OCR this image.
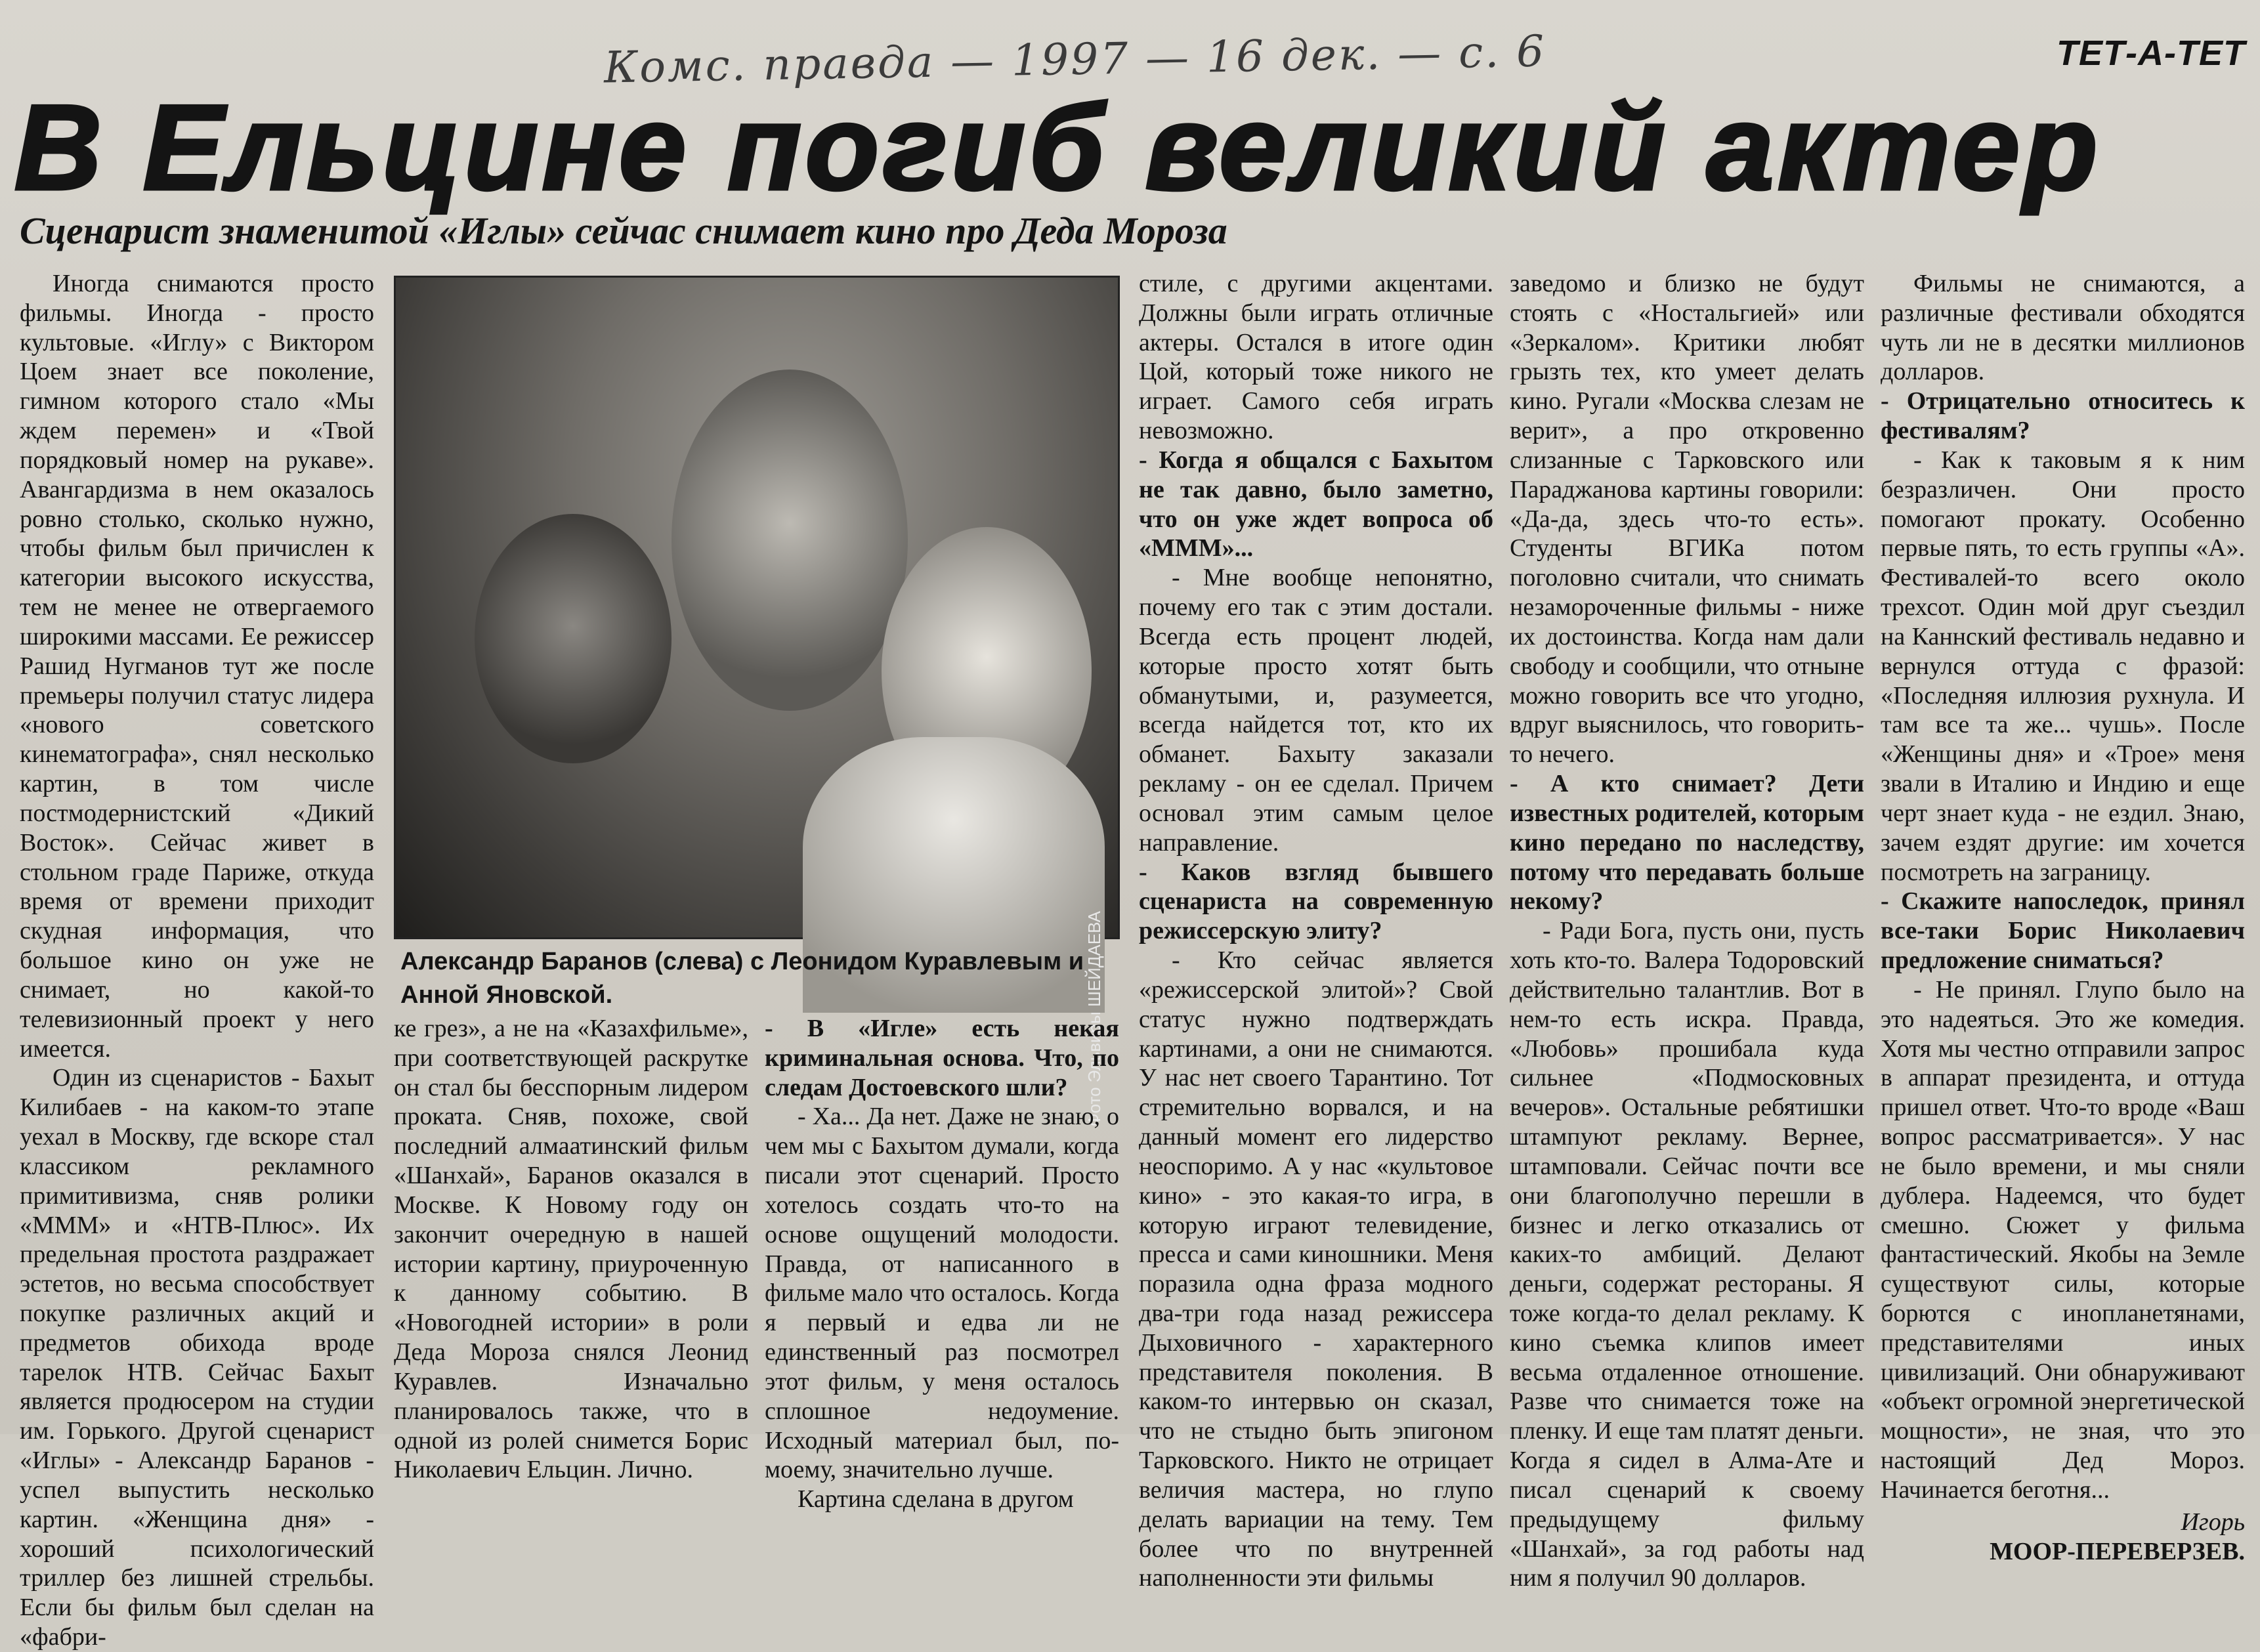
Комс. правда — 1997 — 16 дек. — с. 6	ТЕТ-А-ТЕТ
В Ельцине погиб великий актер
Сценарист знаменитой «Иглы» сейчас снимает кино про Деда Мороза

Иногда снимаются просто фильмы. Иногда - просто культовые. «Иглу» с Виктором Цоем знает все поколение, гимном которого стало «Мы ждем перемен» и «Твой порядковый номер на рукаве». Авангардизма в нем оказалось ровно столько, сколько нужно, чтобы фильм был причислен к категории высокого искусства, тем не менее не отвергаемого широкими массами. Ее режиссер Рашид Нугманов тут же после премьеры получил статус лидера «нового советского кинематографа», снял несколько картин, в том числе постмодернистский «Дикий Восток». Сейчас живет в стольном граде Париже, откуда время от времени приходит скудная информация, что большое кино он уже не снимает, но какой-то телевизионный проект у него имеется.

Один из сценаристов - Бахыт Килибаев - на каком-то этапе уехал в Москву, где вскоре стал классиком рекламного примитивизма, сняв ролики «МММ» и «НТВ-Плюс». Их предельная простота раздражает эстетов, но весьма способствует покупке различных акций и предметов обихода вроде тарелок НТВ. Сейчас Бахыт является продюсером на студии им. Горького. Другой сценарист «Иглы» - Александр Баранов - успел выпустить несколько картин. «Женщина дня» - хороший психологический триллер без лишней стрельбы. Если бы фильм был сделан на «фабри-

Фото Эльвиры ШЕЙДАЕВА
Александр Баранов (слева) с Леонидом Куравлевым и Анной Яновской.

ке грез», а не на «Казахфильме», при соответствующей раскрутке он стал бы бесспорным лидером проката. Сняв, похоже, свой последний алмаатинский фильм «Шанхай», Баранов оказался в Москве. К Новому году он закончит очередную в нашей истории картину, приуроченную к данному событию. В «Новогодней истории» в роли Деда Мороза снялся Леонид Куравлев. Изначально планировалось также, что в одной из ролей снимется Борис Николаевич Ельцин. Лично.

- В «Игле» есть некая криминальная основа. Что, по следам Достоевского шли?

- Ха... Да нет. Даже не знаю, о чем мы с Бахытом думали, когда писали этот сценарий. Просто хотелось создать что-то на основе ощущений молодости. Правда, от написанного в фильме мало что осталось. Когда я первый и едва ли не единственный раз посмотрел этот фильм, у меня осталось сплошное недоумение. Исходный материал был, по-моему, значительно лучше.

Картина сделана в другом

стиле, с другими акцентами. Должны были играть отличные актеры. Остался в итоге один Цой, который тоже никого не играет. Самого себя играть невозможно.

- Когда я общался с Бахытом не так давно, было заметно, что он уже ждет вопроса об «МММ»...

- Мне вообще непонятно, почему его так с этим достали. Всегда есть процент людей, которые просто хотят быть обманутыми, и, разумеется, всегда найдется тот, кто их обманет. Бахыту заказали рекламу - он ее сделал. Причем основал этим самым целое направление.

- Каков взгляд бывшего сценариста на современную режиссерскую элиту?

- Кто сейчас является «режиссерской элитой»? Свой статус нужно подтверждать картинами, а они не снимаются. У нас нет своего Тарантино. Тот стремительно ворвался, и на данный момент его лидерство неоспоримо. А у нас «культовое кино» - это какая-то игра, в которую играют телевидение, пресса и сами киношники. Меня поразила одна фраза модного два-три года назад режиссера Дыховичного - характерного представителя поколения. В каком-то интервью он сказал, что не стыдно быть эпигоном Тарковского. Никто не отрицает величия мастера, но глупо делать вариации на тему. Тем более что по внутренней наполненности эти фильмы

заведомо и близко не будут стоять с «Ностальгией» или «Зеркалом». Критики любят грызть тех, кто умеет делать кино. Ругали «Москва слезам не верит», а про откровенно слизанные с Тарковского или Параджанова картины говорили: «Да-да, здесь что-то есть». Студенты ВГИКа потом поголовно считали, что снимать незамороченные фильмы - ниже их достоинства. Когда нам дали свободу и сообщили, что отныне можно говорить все что угодно, вдруг выяснилось, что говорить-то нечего.

- А кто снимает? Дети известных родителей, которым кино передано по наследству, потому что передавать больше некому?

- Ради Бога, пусть они, пусть хоть кто-то. Валера Тодоровский действительно талантлив. Вот в нем-то есть искра. Правда, «Любовь» прошибала куда сильнее «Подмосковных вечеров». Остальные ребятишки штампуют рекламу. Вернее, штамповали. Сейчас почти все они благополучно перешли в бизнес и легко отказались от каких-то амбиций. Делают деньги, содержат рестораны. Я тоже когда-то делал рекламу. К кино съемка клипов имеет весьма отдаленное отношение. Разве что снимается тоже на пленку. И еще там платят деньги. Когда я сидел в Алма-Ате и писал сценарий к своему предыдущему фильму «Шанхай», за год работы над ним я получил 90 долларов.

Фильмы не снимаются, а различные фестивали обходятся чуть ли не в десятки миллионов долларов.

- Отрицательно относитесь к фестивалям?

- Как к таковым я к ним безразличен. Они просто помогают прокату. Особенно первые пять, то есть группы «А». Фестивалей-то всего около трехсот. Один мой друг съездил на Каннский фестиваль недавно и вернулся оттуда с фразой: «Последняя иллюзия рухнула. И там все та же... чушь». После «Женщины дня» и «Трое» меня звали в Италию и Индию и еще черт знает куда - не ездил. Знаю, зачем ездят другие: им хочется посмотреть на заграницу.

- Скажите напоследок, принял все-таки Борис Николаевич предложение сниматься?

- Не принял. Глупо было на это надеяться. Это же комедия. Хотя мы честно отправили запрос в аппарат президента, и оттуда пришел ответ. Что-то вроде «Ваш вопрос рассматривается». У нас не было времени, и мы сняли дублера. Надеемся, что будет смешно. Сюжет у фильма фантастический. Якобы на Земле существуют силы, которые борются с инопланетянами, представителями иных цивилизаций. Они обнаруживают «объект огромной энергетической мощности», не зная, что это настоящий Дед Мороз. Начинается беготня...

Игорь
МООР-ПЕРЕВЕРЗЕВ.
